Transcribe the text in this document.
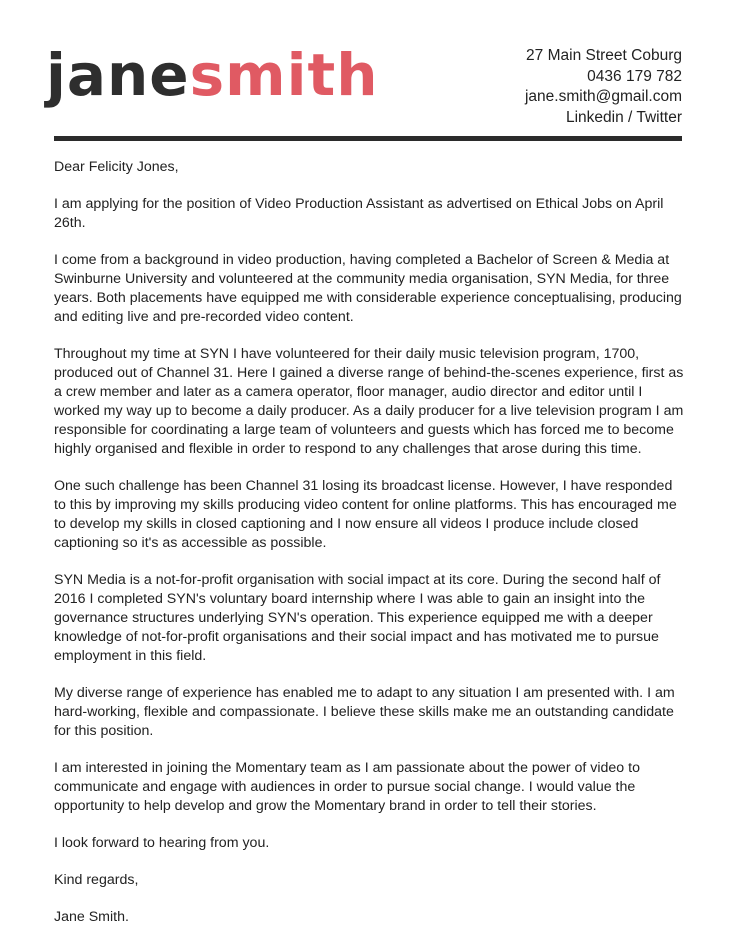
janesmith	27 Main Street Coburg
0436 179 782
jane.smith@gmail.com
Linkedin / Twitter

Dear Felicity Jones,

I am applying for the position of Video Production Assistant as advertised on Ethical Jobs on April 26th.

I come from a background in video production, having completed a Bachelor of Screen & Media at Swinburne University and volunteered at the community media organisation, SYN Media, for three years. Both placements have equipped me with considerable experience conceptualising, producing and editing live and pre-recorded video content.

Throughout my time at SYN I have volunteered for their daily music television program, 1700, produced out of Channel 31. Here I gained a diverse range of behind-the-scenes experience, first as a crew member and later as a camera operator, floor manager, audio director and editor until I worked my way up to become a daily producer. As a daily producer for a live television program I am responsible for coordinating a large team of volunteers and guests which has forced me to become highly organised and flexible in order to respond to any challenges that arose during this time.

One such challenge has been Channel 31 losing its broadcast license. However, I have responded to this by improving my skills producing video content for online platforms. This has encouraged me to develop my skills in closed captioning and I now ensure all videos I produce include closed captioning so it's as accessible as possible.

SYN Media is a not-for-profit organisation with social impact at its core. During the second half of 2016 I completed SYN's voluntary board internship where I was able to gain an insight into the governance structures underlying SYN's operation. This experience equipped me with a deeper knowledge of not-for-profit organisations and their social impact and has motivated me to pursue employment in this field.

My diverse range of experience has enabled me to adapt to any situation I am presented with. I am hard-working, flexible and compassionate. I believe these skills make me an outstanding candidate for this position.

I am interested in joining the Momentary team as I am passionate about the power of video to communicate and engage with audiences in order to pursue social change. I would value the opportunity to help develop and grow the Momentary brand in order to tell their stories.

I look forward to hearing from you.

Kind regards,

Jane Smith.
